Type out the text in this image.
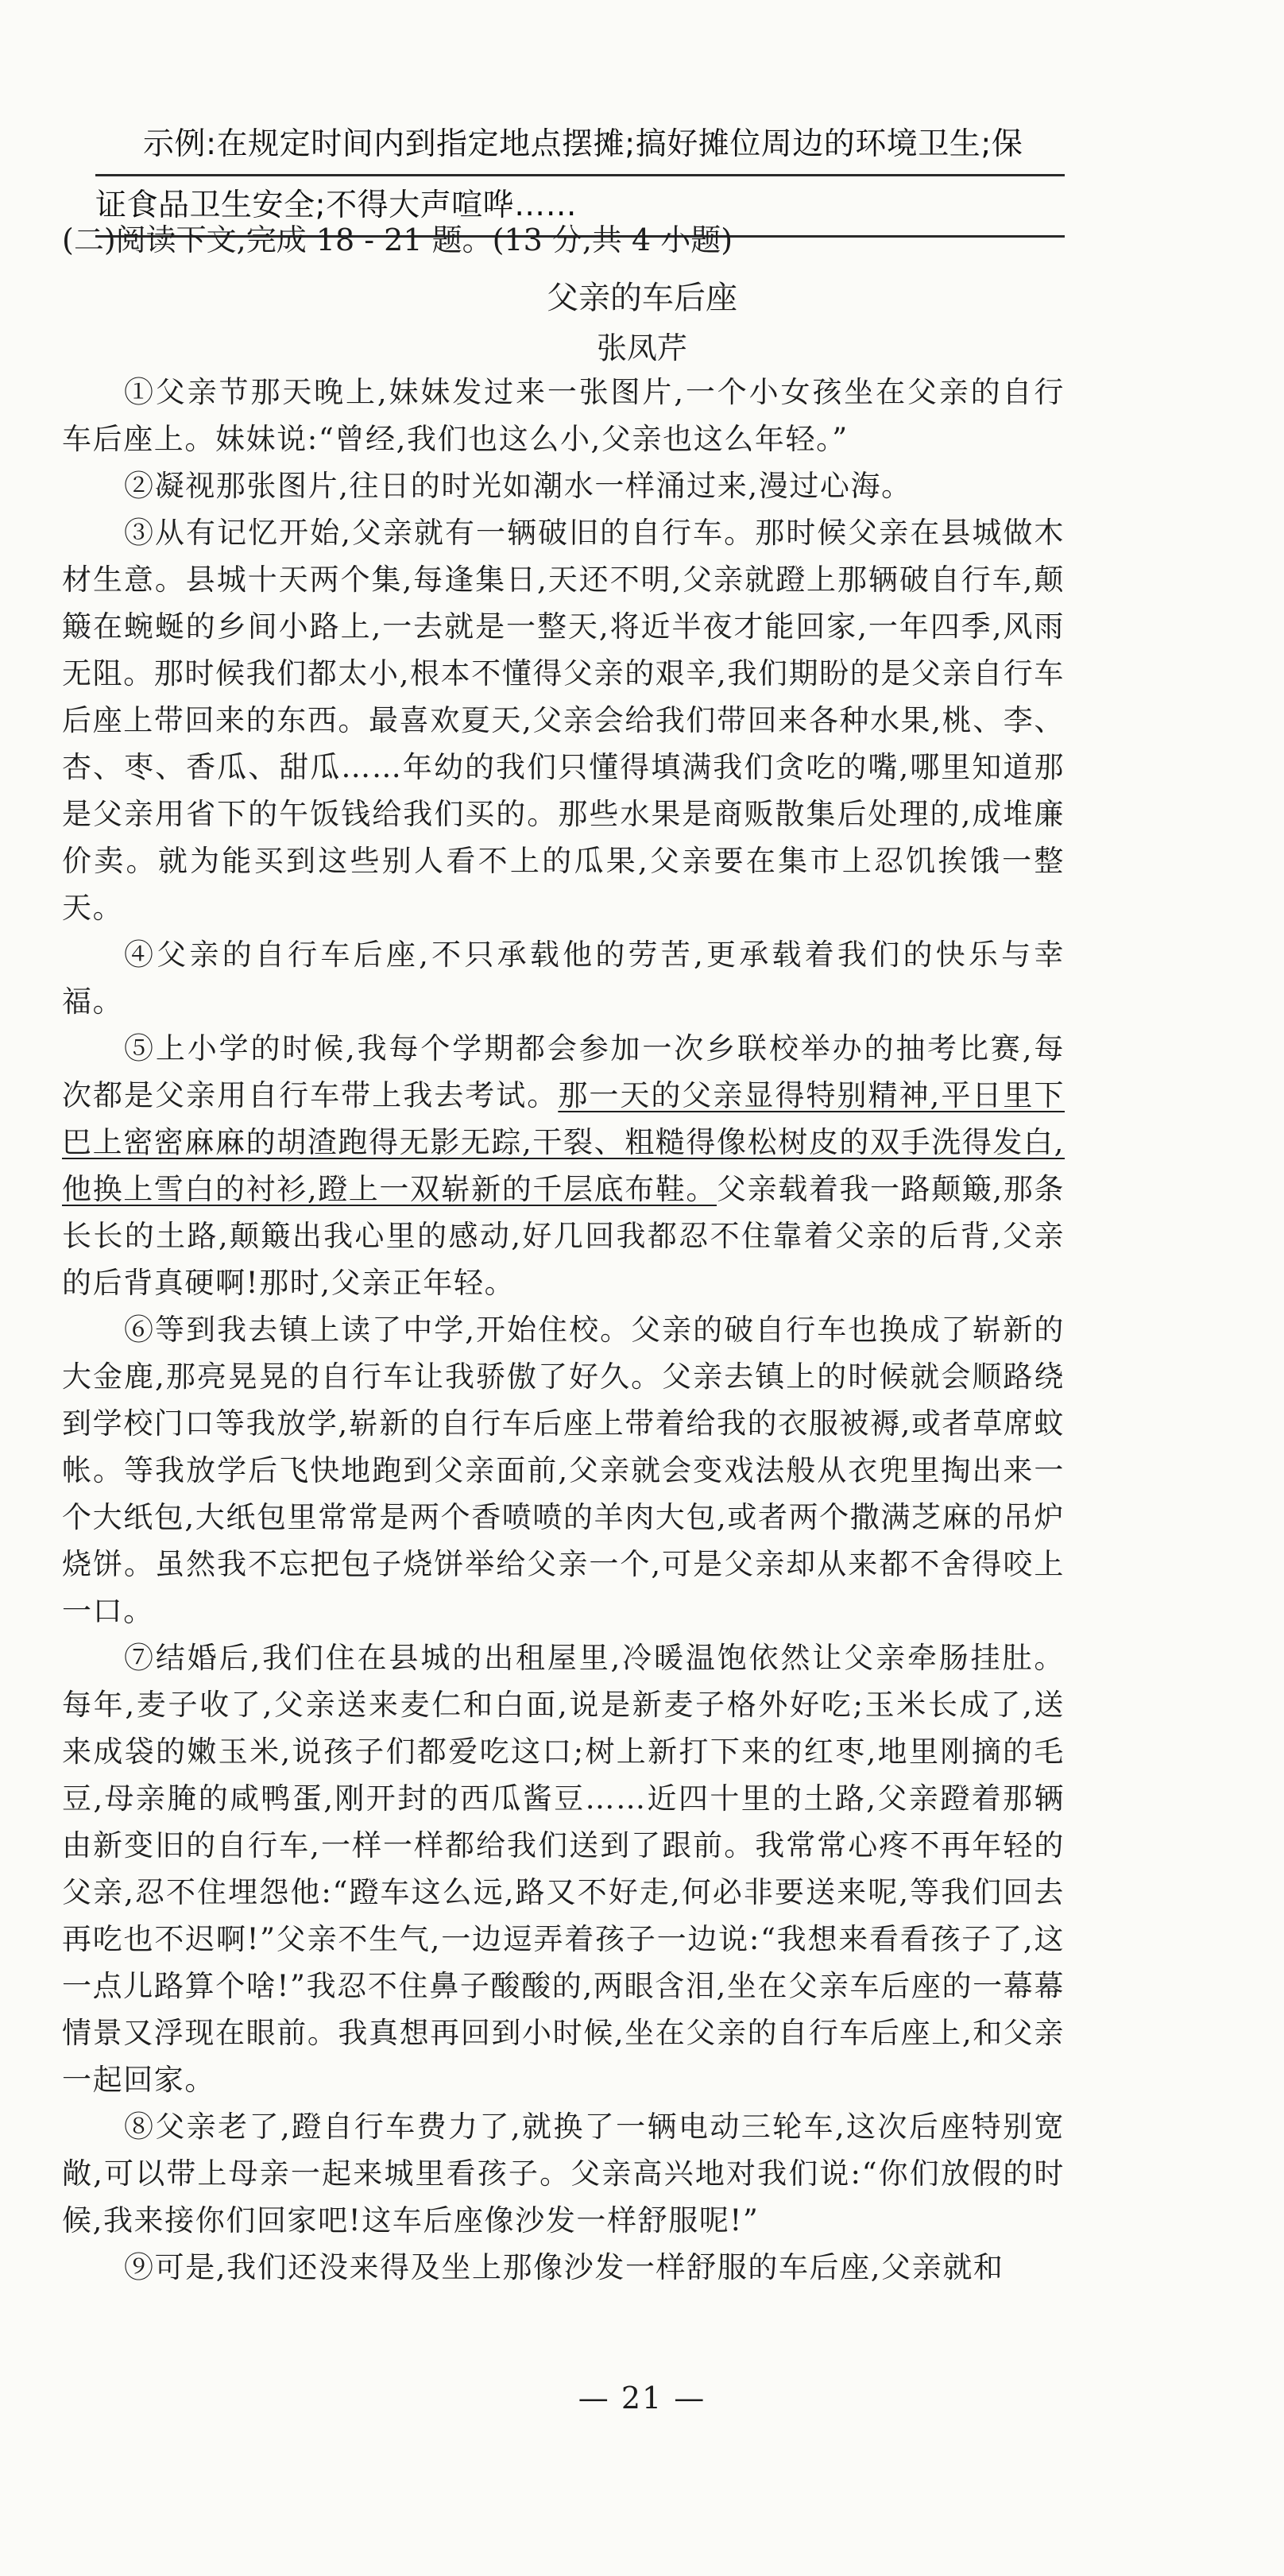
示例:在规定时间内到指定地点摆摊;搞好摊位周边的环境卫生;保
证食品卫生安全;不得大声喧哗……
(二)阅读下文,完成 18 - 21 题。(13 分,共 4 小题)
父亲的车后座
张凤芹

①父亲节那天晚上,妹妹发过来一张图片,一个小女孩坐在父亲的自行车后座上。妹妹说:“曾经,我们也这么小,父亲也这么年轻。”

②凝视那张图片,往日的时光如潮水一样涌过来,漫过心海。

③从有记忆开始,父亲就有一辆破旧的自行车。那时候父亲在县城做木材生意。县城十天两个集,每逢集日,天还不明,父亲就蹬上那辆破自行车,颠簸在蜿蜒的乡间小路上,一去就是一整天,将近半夜才能回家,一年四季,风雨无阻。那时候我们都太小,根本不懂得父亲的艰辛,我们期盼的是父亲自行车后座上带回来的东西。最喜欢夏天,父亲会给我们带回来各种水果,桃、李、杏、枣、香瓜、甜瓜……年幼的我们只懂得填满我们贪吃的嘴,哪里知道那是父亲用省下的午饭钱给我们买的。那些水果是商贩散集后处理的,成堆廉价卖。就为能买到这些别人看不上的瓜果,父亲要在集市上忍饥挨饿一整天。

④父亲的自行车后座,不只承载他的劳苦,更承载着我们的快乐与幸福。

⑤上小学的时候,我每个学期都会参加一次乡联校举办的抽考比赛,每次都是父亲用自行车带上我去考试。那一天的父亲显得特别精神,平日里下巴上密密麻麻的胡渣跑得无影无踪,干裂、粗糙得像松树皮的双手洗得发白,他换上雪白的衬衫,蹬上一双崭新的千层底布鞋。父亲载着我一路颠簸,那条长长的土路,颠簸出我心里的感动,好几回我都忍不住靠着父亲的后背,父亲的后背真硬啊!那时,父亲正年轻。

⑥等到我去镇上读了中学,开始住校。父亲的破自行车也换成了崭新的大金鹿,那亮晃晃的自行车让我骄傲了好久。父亲去镇上的时候就会顺路绕到学校门口等我放学,崭新的自行车后座上带着给我的衣服被褥,或者草席蚊帐。等我放学后飞快地跑到父亲面前,父亲就会变戏法般从衣兜里掏出来一个大纸包,大纸包里常常是两个香喷喷的羊肉大包,或者两个撒满芝麻的吊炉烧饼。虽然我不忘把包子烧饼举给父亲一个,可是父亲却从来都不舍得咬上一口。

⑦结婚后,我们住在县城的出租屋里,冷暖温饱依然让父亲牵肠挂肚。每年,麦子收了,父亲送来麦仁和白面,说是新麦子格外好吃;玉米长成了,送来成袋的嫩玉米,说孩子们都爱吃这口;树上新打下来的红枣,地里刚摘的毛豆,母亲腌的咸鸭蛋,刚开封的西瓜酱豆……近四十里的土路,父亲蹬着那辆由新变旧的自行车,一样一样都给我们送到了跟前。我常常心疼不再年轻的父亲,忍不住埋怨他:“蹬车这么远,路又不好走,何必非要送来呢,等我们回去再吃也不迟啊!”父亲不生气,一边逗弄着孩子一边说:“我想来看看孩子了,这一点儿路算个啥!”我忍不住鼻子酸酸的,两眼含泪,坐在父亲车后座的一幕幕情景又浮现在眼前。我真想再回到小时候,坐在父亲的自行车后座上,和父亲一起回家。

⑧父亲老了,蹬自行车费力了,就换了一辆电动三轮车,这次后座特别宽敞,可以带上母亲一起来城里看孩子。父亲高兴地对我们说:“你们放假的时候,我来接你们回家吧!这车后座像沙发一样舒服呢!”

⑨可是,我们还没来得及坐上那像沙发一样舒服的车后座,父亲就和

— 21 —
